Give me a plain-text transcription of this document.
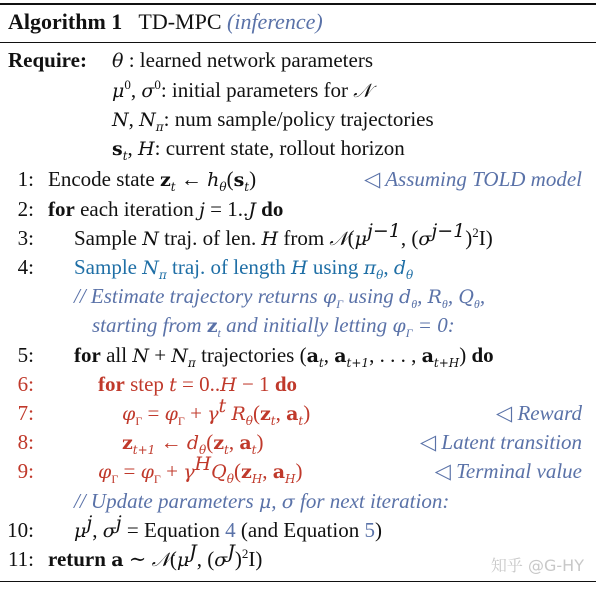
Algorithm 1 TD-MPC (inference)
Require: θ : learned network parameters
$\mu^0$, $\sigma^0$: initial parameters for 𝒩
N, $N_\pi$: num sample/policy trajectories
$s_t$, H: current state, rollout horizon
1: Encode state $z_t$ ← $h_\theta(s_t)$	◁ Assuming TOLD model
2: for each iteration j = 1..J do
3: Sample N traj. of len. H from $𝒩(\mu^{j-1}$, $(\sigma^{j-1})^2I$)
4: Sample $N_\pi$ traj. of length H using $\pi_\theta$, $d_\theta$
// Estimate trajectory returns $\varphi_\Gamma$ using $d_\theta$, $R_\theta$, $Q_\theta$,
starting from $z_t$ and initially letting $\varphi_\Gamma = 0$:
5: for all $N + N_\pi$ trajectories ($a_t$, $a_{t+1}$, . . . , $a_{t+H}$) do
6:	for step t = 0..H − 1 do
7:	$\varphi_\Gamma = \varphi_\Gamma + \gamma^t$ $R_\theta(z_t$, $a_t$)	◁ Reward
8:	$z_{t+1}$ ← $d_\theta(z_t$, $a_t$)	◁ Latent transition
9:	$\varphi_\Gamma = \varphi_\Gamma + \gamma^HQ_\theta(z_H$, $a_H$)	◁ Terminal value
// Update parameters μ, σ for next iteration:
10: $\mu^j$, $\sigma^j$ = Equation 4 (and Equation 5)
11: return a ∼ $𝒩(\mu^J$, $(\sigma^J)^2I$)	知乎 @G-HY
